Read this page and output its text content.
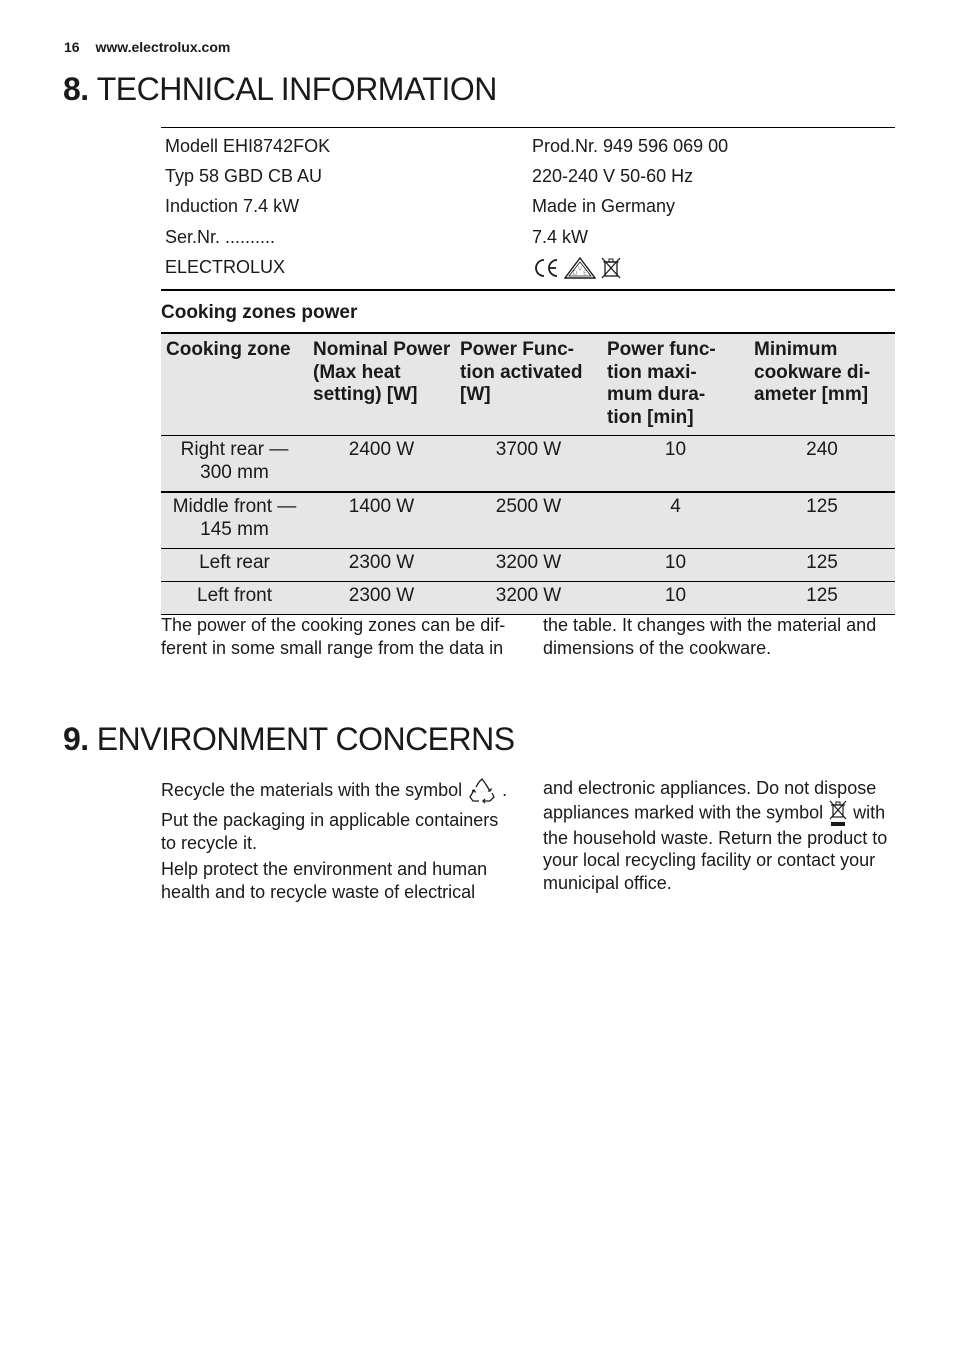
16 www.electrolux.com
8. TECHNICAL INFORMATION
Modell EHI8742FOK	Prod.Nr. 949 596 069 00
Typ 58 GBD CB AU	220-240 V 50-60 Hz
Induction 7.4 kW	Made in Germany
Ser.Nr. ..........	7.4 kW
ELECTROLUX	V
D E
Cooking zones power
Cooking zone	Nominal Power (Max heat setting) [W]	Power Func- tion activated [W]	Power func- tion maxi- mum dura- tion [min]	Minimum cookware di- ameter [mm]
Right rear — 300 mm	2400 W	3700 W	10	240
Middle front — 145 mm	1400 W	2500 W	4	125
Left rear	2300 W	3200 W	10	125
Left front	2300 W	3200 W	10	125

The power of the cooking zones can be dif- ferent in some small range from the data in

the table. It changes with the material and dimensions of the cookware.

9. ENVIRONMENT CONCERNS

Recycle the materials with the symbol .

Put the packaging in applicable containers to recycle it.

Help protect the environment and human health and to recycle waste of electrical

and electronic appliances. Do not dispose appliances marked with the symbol with the household waste. Return the product to your local recycling facility or contact your municipal office.
